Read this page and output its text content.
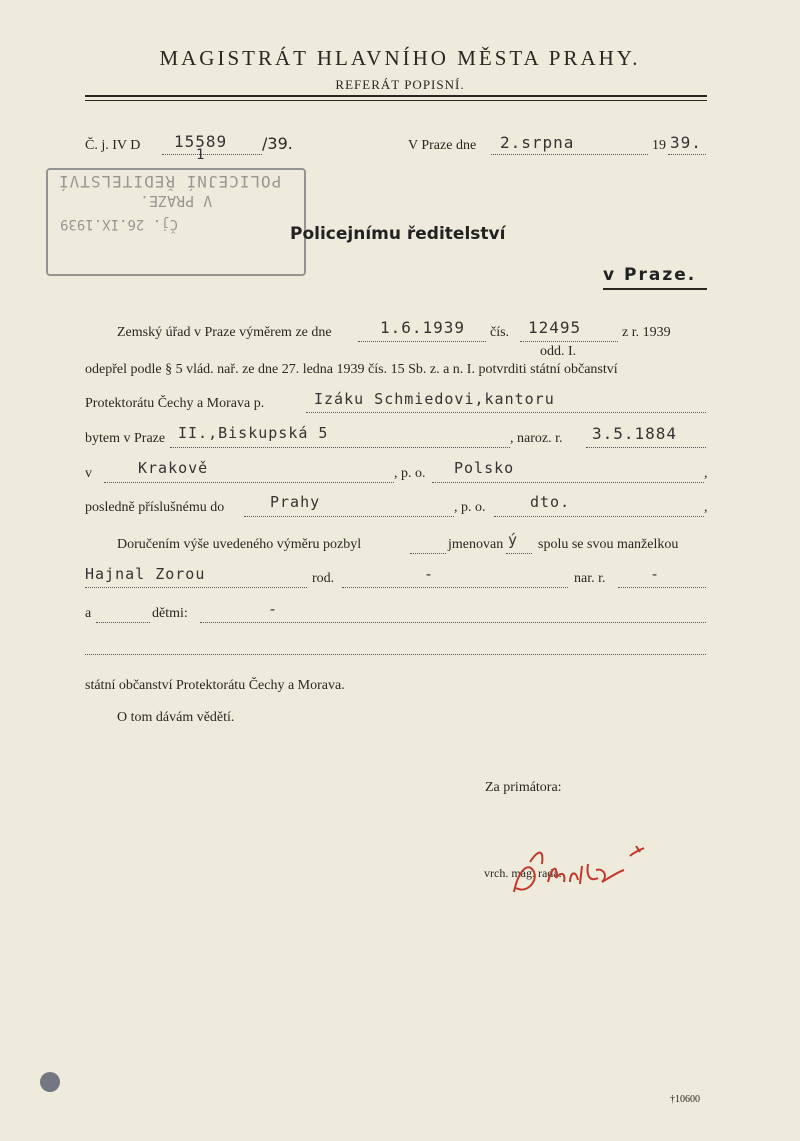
MAGISTRÁT HLAVNÍHO MĚSTA PRAHY.
REFERÁT POPISNÍ.
Č. j. IV D 15589
1
/39.	V Praze dne 2.srpna	19 39.
POLICEJNÍ ŘEDITELSTVÍ
V PRAZE.
Čj. 26.IX.1939	Policejnímu ředitelství
v Praze.
Zemský úřad v Praze výměrem ze dne	1.6.1939 čís. 12495	z r. 1939
odd. I.
odepřel podle § 5 vlád. nař. ze dne 27. ledna 1939 čís. 15 Sb. z. a n. I. potvrditi státní občanství
Protektorátu Čechy a Morava p.	Izáku Schmiedovi,kantoru
bytem v Praze II.,Biskupská 5	, naroz. r. 3.5.1884
v	Krakově	, p. o. Polsko	,
posledně příslušnému do	Prahy	, p. o.	dto.	,
Doručením výše uvedeného výměru pozbyl	jmenovan ý spolu se svou manželkou
Hajnal Zorou	rod.	-	nar. r.	-
a	dětmi:	-
státní občanství Protektorátu Čechy a Morava.
O tom dávám vědětí.
Za primátora:
vrch. mag. rada.
†10600
